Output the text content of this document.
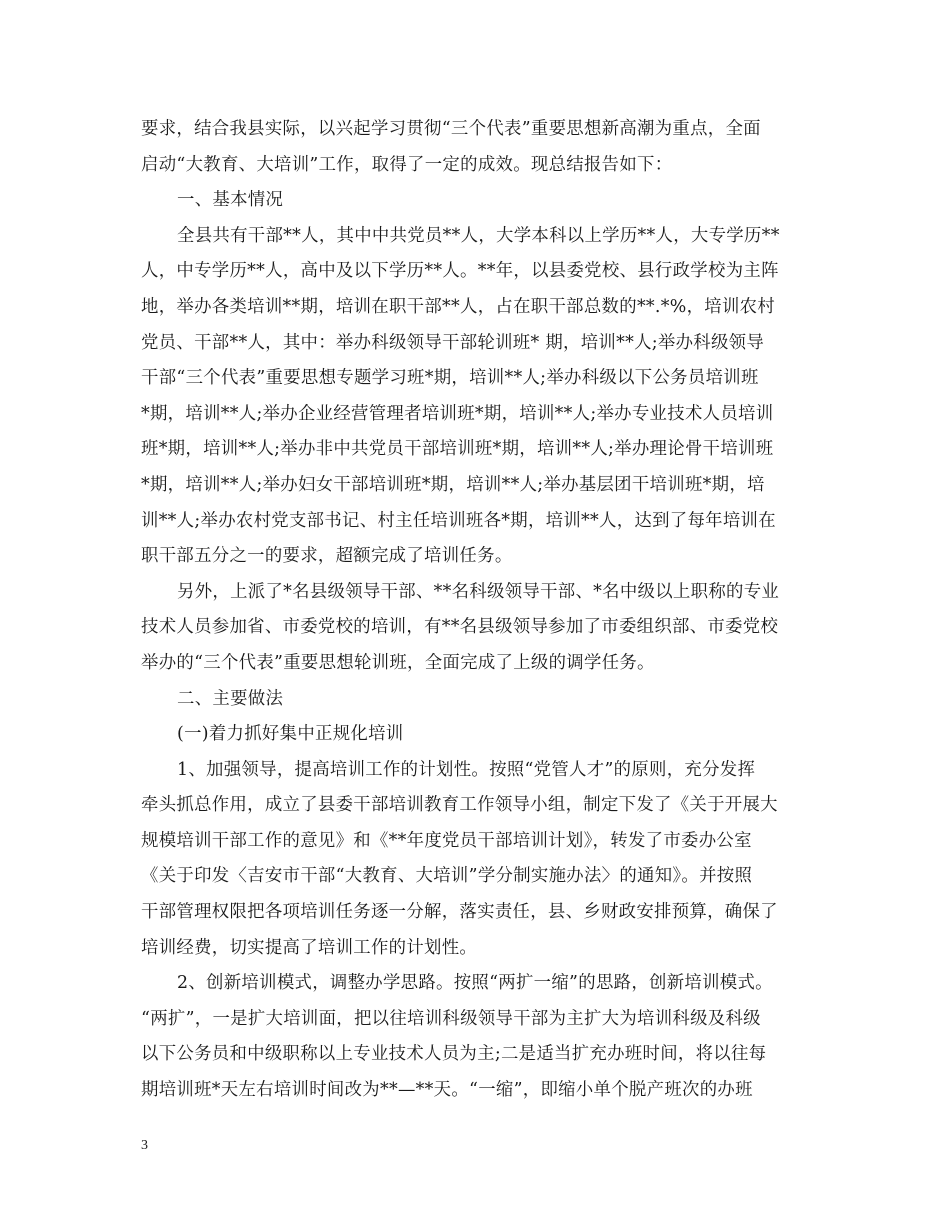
要求，结合我县实际，以兴起学习贯彻“三个代表”重要思想新高潮为重点，全面
启动“大教育、大培训”工作，取得了一定的成效。现总结报告如下：
一、基本情况
全县共有干部**人，其中中共党员**人，大学本科以上学历**人，大专学历**
人，中专学历**人，高中及以下学历**人。**年，以县委党校、县行政学校为主阵
地，举办各类培训**期，培训在职干部**人，占在职干部总数的**.*%，培训农村
党员、干部**人，其中：举办科级领导干部轮训班* 期，培训**人;举办科级领导
干部“三个代表”重要思想专题学习班*期，培训**人;举办科级以下公务员培训班
*期，培训**人;举办企业经营管理者培训班*期，培训**人;举办专业技术人员培训
班*期，培训**人;举办非中共党员干部培训班*期，培训**人;举办理论骨干培训班
*期，培训**人;举办妇女干部培训班*期，培训**人;举办基层团干培训班*期，培
训**人;举办农村党支部书记、村主任培训班各*期，培训**人，达到了每年培训在
职干部五分之一的要求，超额完成了培训任务。
另外，上派了*名县级领导干部、**名科级领导干部、*名中级以上职称的专业
技术人员参加省、市委党校的培训，有**名县级领导参加了市委组织部、市委党校
举办的“三个代表”重要思想轮训班，全面完成了上级的调学任务。
二、主要做法
(一)着力抓好集中正规化培训
1、加强领导，提高培训工作的计划性。按照“党管人才”的原则，充分发挥
牵头抓总作用，成立了县委干部培训教育工作领导小组，制定下发了《关于开展大
规模培训干部工作的意见》和《**年度党员干部培训计划》，转发了市委办公室
《关于印发〈吉安市干部“大教育、大培训”学分制实施办法〉的通知》。并按照
干部管理权限把各项培训任务逐一分解，落实责任，县、乡财政安排预算，确保了
培训经费，切实提高了培训工作的计划性。
2、创新培训模式，调整办学思路。按照“两扩一缩”的思路，创新培训模式。
“两扩”，一是扩大培训面，把以往培训科级领导干部为主扩大为培训科级及科级
以下公务员和中级职称以上专业技术人员为主;二是适当扩充办班时间，将以往每
期培训班*天左右培训时间改为**—**天。“一缩”，即缩小单个脱产班次的办班
3
